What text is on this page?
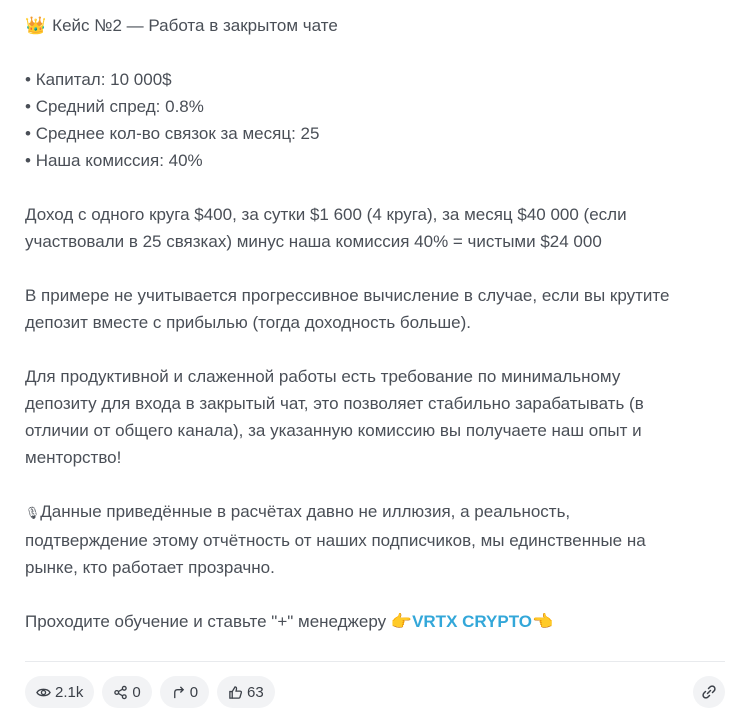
👑 Кейс №2 — Работа в закрытом чате
• Капитал: 10 000$
• Средний спред: 0.8%
• Среднее кол-во связок за месяц: 25
• Наша комиссия: 40%
Доход с одного круга $400, за сутки $1 600 (4 круга), за месяц $40 000 (если
участвовали в 25 связках) минус наша комиссия 40% = чистыми $24 000
В примере не учитывается прогрессивное вычисление в случае, если вы крутите
депозит вместе с прибылью (тогда доходность больше).
Для продуктивной и слаженной работы есть требование по минимальному
депозиту для входа в закрытый чат, это позволяет стабильно зарабатывать (в
отличии от общего канала), за указанную комиссию вы получаете наш опыт и
менторство!
🎙Данные приведённые в расчётах давно не иллюзия, а реальность,
подтверждение этому отчётность от наших подписчиков, мы единственные на
рынке, кто работает прозрачно.
Проходите обучение и ставьте "+" менеджеру 👉VRTX CRYPTO👈
2.1k	0	0	63
